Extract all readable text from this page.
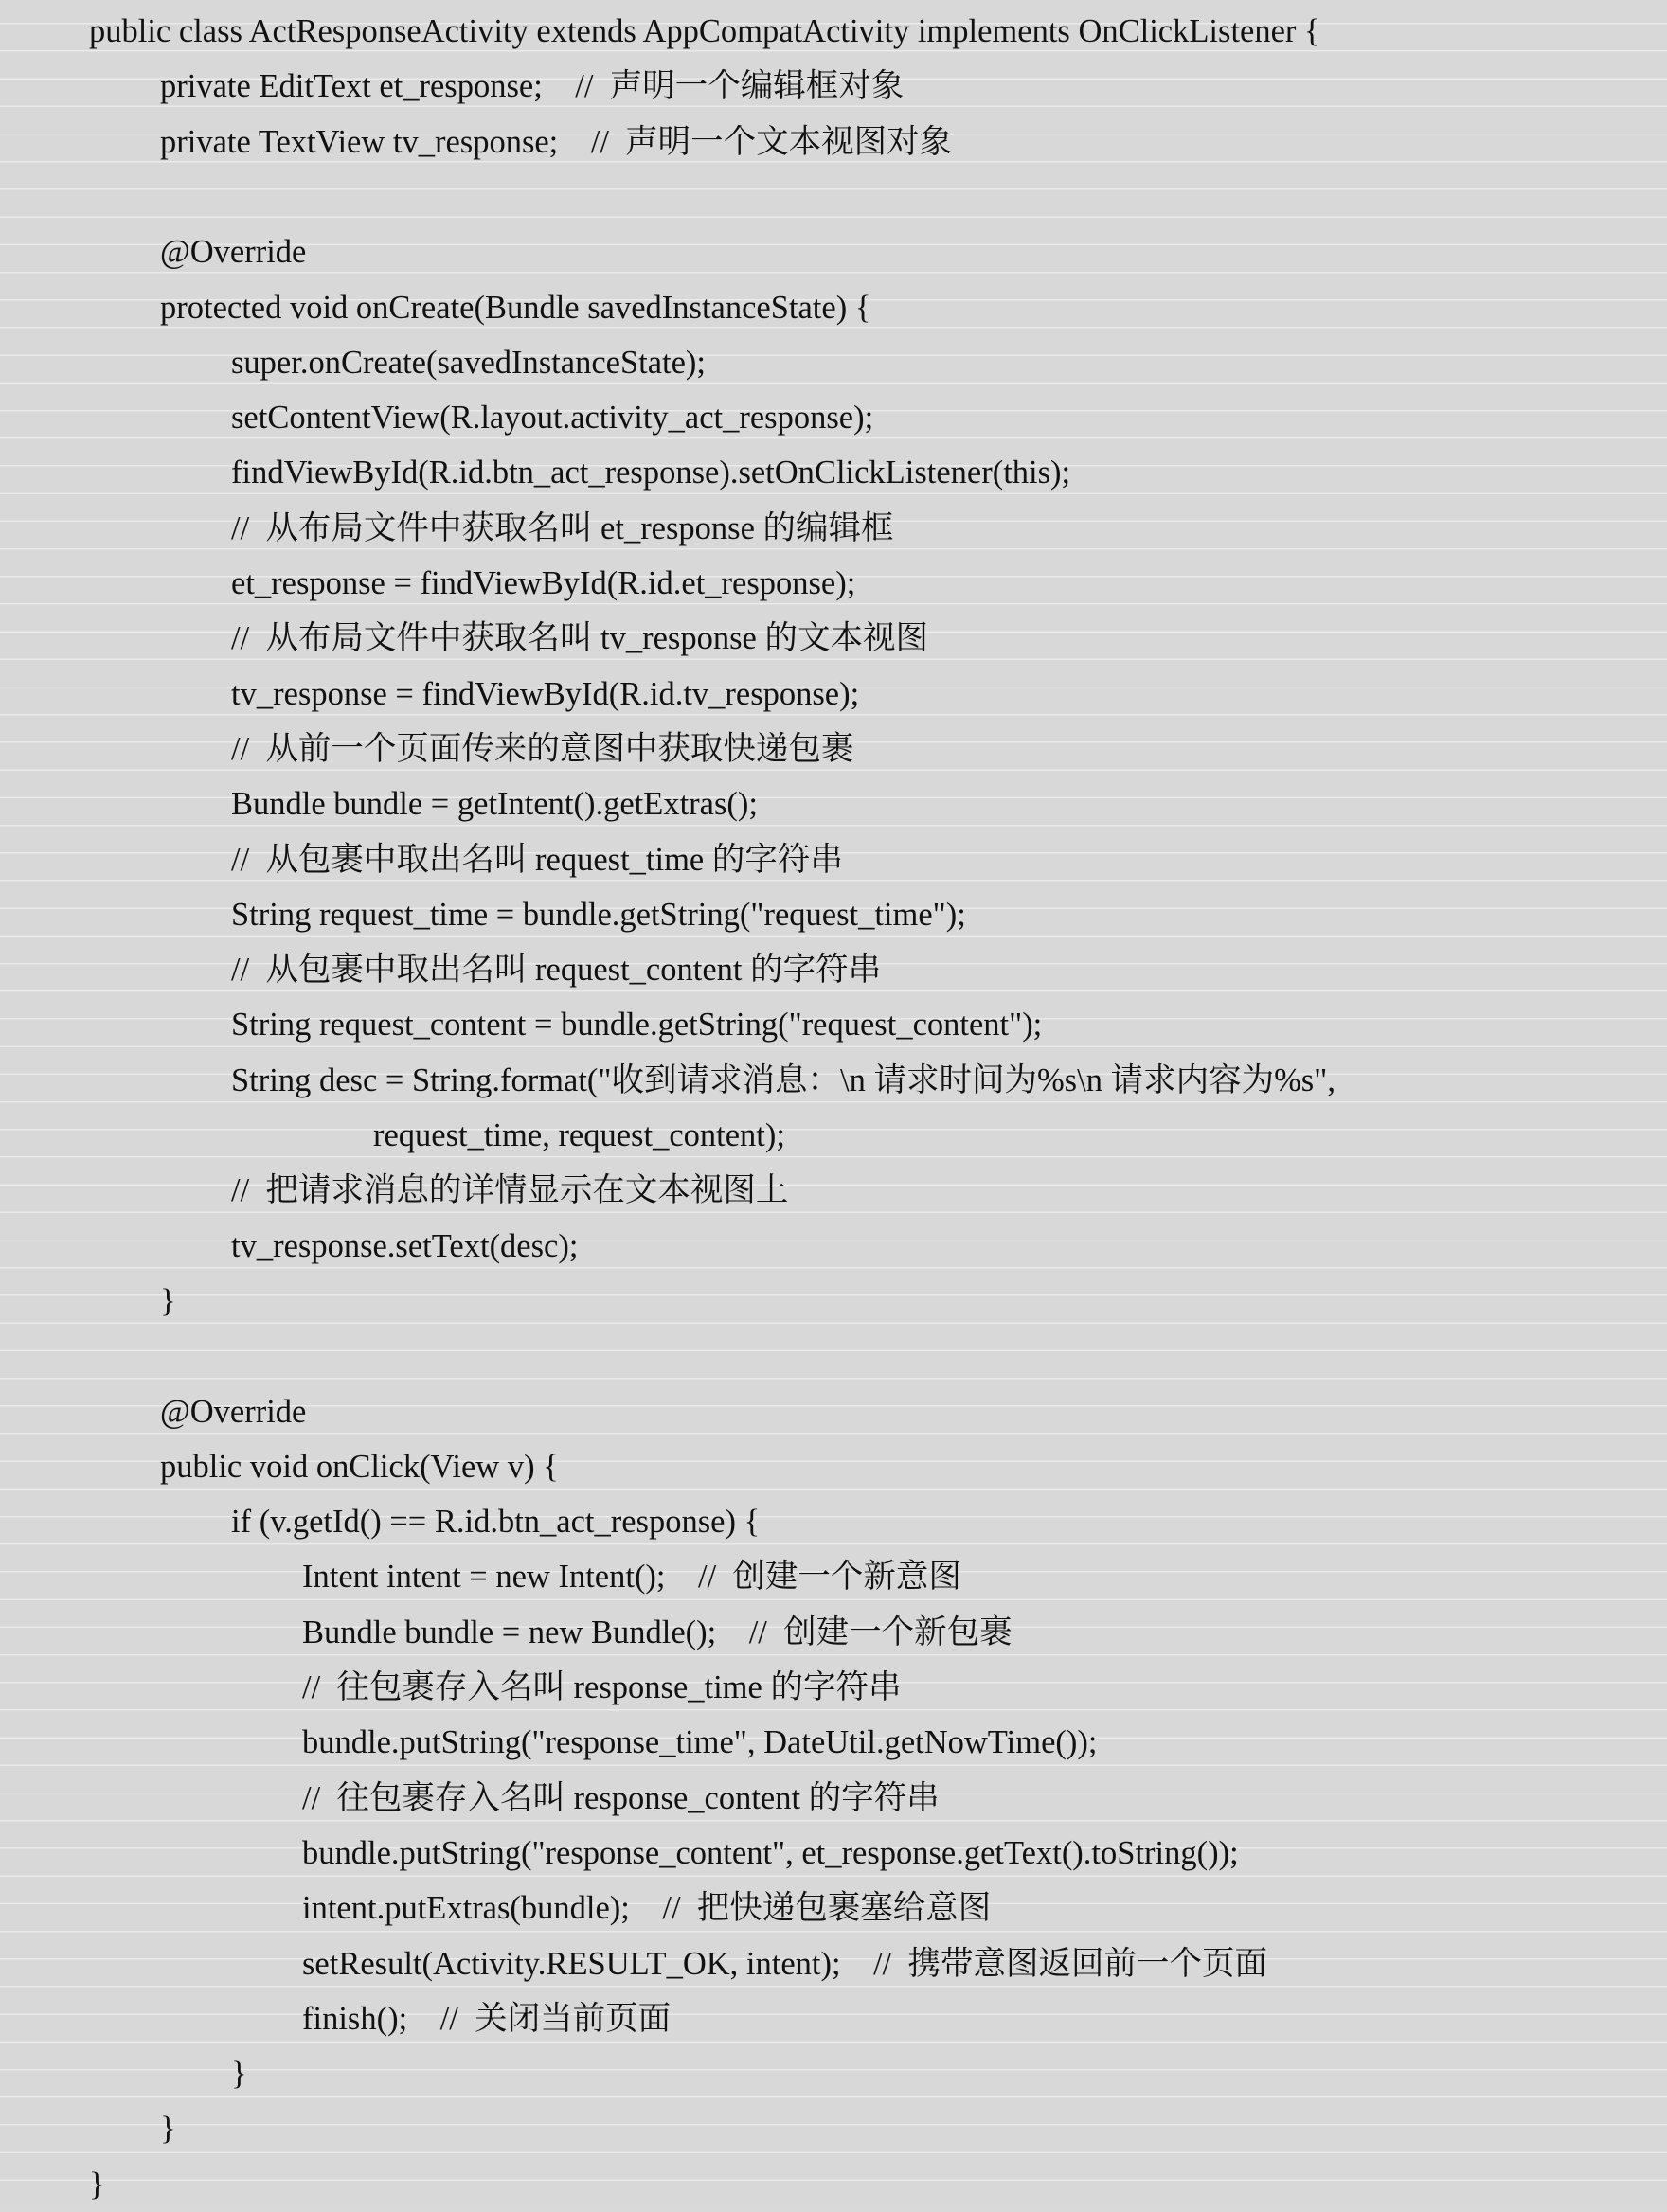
public class ActResponseActivity extends AppCompatActivity implements OnClickListener {
private EditText et_response;    //  声明一个编辑框对象
private TextView tv_response;    //  声明一个文本视图对象
@Override
protected void onCreate(Bundle savedInstanceState) {
super.onCreate(savedInstanceState);
setContentView(R.layout.activity_act_response);
findViewById(R.id.btn_act_response).setOnClickListener(this);
//  从布局文件中获取名叫 et_response 的编辑框
et_response = findViewById(R.id.et_response);
//  从布局文件中获取名叫 tv_response 的文本视图
tv_response = findViewById(R.id.tv_response);
//  从前一个页面传来的意图中获取快递包裹
Bundle bundle = getIntent().getExtras();
//  从包裹中取出名叫 request_time 的字符串
String request_time = bundle.getString("request_time");
//  从包裹中取出名叫 request_content 的字符串
String request_content = bundle.getString("request_content");
String desc = String.format("收到请求消息：\n 请求时间为%s\n 请求内容为%s",
request_time, request_content);
//  把请求消息的详情显示在文本视图上
tv_response.setText(desc);
}
@Override
public void onClick(View v) {
if (v.getId() == R.id.btn_act_response) {
Intent intent = new Intent();    //  创建一个新意图
Bundle bundle = new Bundle();    //  创建一个新包裹
//  往包裹存入名叫 response_time 的字符串
bundle.putString("response_time", DateUtil.getNowTime());
//  往包裹存入名叫 response_content 的字符串
bundle.putString("response_content", et_response.getText().toString());
intent.putExtras(bundle);    //  把快递包裹塞给意图
setResult(Activity.RESULT_OK, intent);    //  携带意图返回前一个页面
finish();    //  关闭当前页面
}
}
}
